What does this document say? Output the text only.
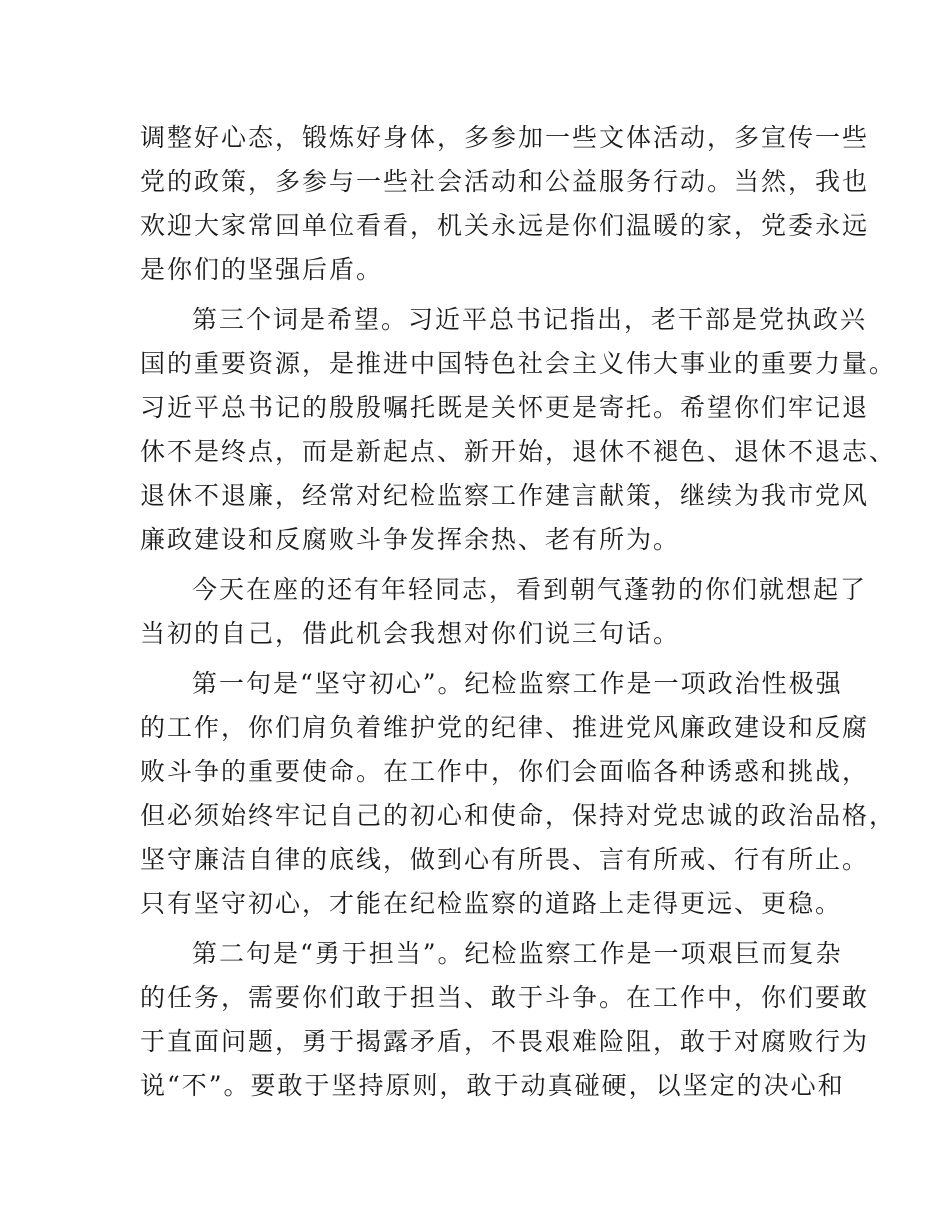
调整好心态，锻炼好身体，多参加一些文体活动，多宣传一些
党的政策，多参与一些社会活动和公益服务行动。当然，我也
欢迎大家常回单位看看，机关永远是你们温暖的家，党委永远
是你们的坚强后盾。
第三个词是希望。习近平总书记指出，老干部是党执政兴
国的重要资源，是推进中国特色社会主义伟大事业的重要力量。
习近平总书记的殷殷嘱托既是关怀更是寄托。希望你们牢记退
休不是终点，而是新起点、新开始，退休不褪色、退休不退志、
退休不退廉，经常对纪检监察工作建言献策，继续为我市党风
廉政建设和反腐败斗争发挥余热、老有所为。
今天在座的还有年轻同志，看到朝气蓬勃的你们就想起了
当初的自己，借此机会我想对你们说三句话。
第一句是“坚守初心”。纪检监察工作是一项政治性极强
的工作，你们肩负着维护党的纪律、推进党风廉政建设和反腐
败斗争的重要使命。在工作中，你们会面临各种诱惑和挑战，
但必须始终牢记自己的初心和使命，保持对党忠诚的政治品格，
坚守廉洁自律的底线，做到心有所畏、言有所戒、行有所止。
只有坚守初心，才能在纪检监察的道路上走得更远、更稳。
第二句是“勇于担当”。纪检监察工作是一项艰巨而复杂
的任务，需要你们敢于担当、敢于斗争。在工作中，你们要敢
于直面问题，勇于揭露矛盾，不畏艰难险阻，敢于对腐败行为
说“不”。要敢于坚持原则，敢于动真碰硬，以坚定的决心和
